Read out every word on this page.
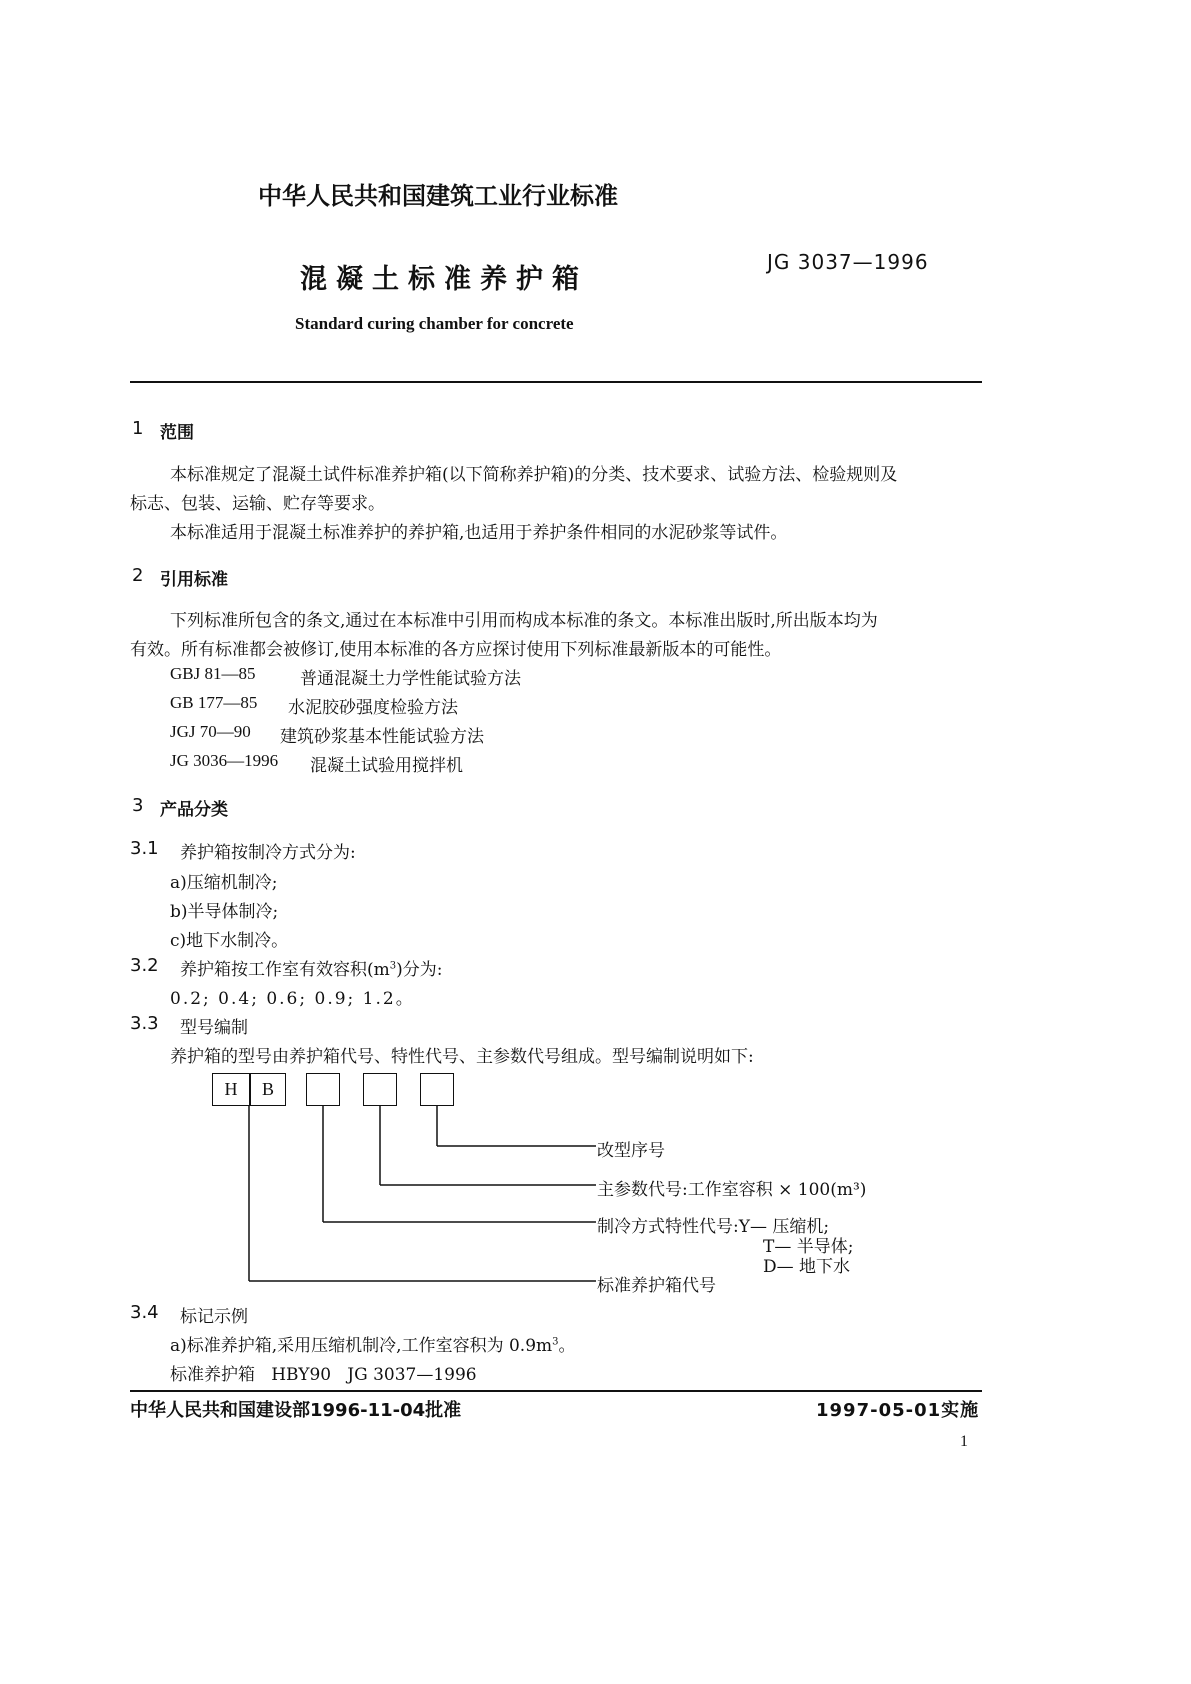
中华人民共和国建筑工业行业标准
混凝土标准养护箱
JG 3037—1996
Standard curing chamber for concrete
1 范围
本标准规定了混凝土试件标准养护箱(以下简称养护箱)的分类、技术要求、试验方法、检验规则及
标志、包装、运输、贮存等要求。
本标准适用于混凝土标准养护的养护箱,也适用于养护条件相同的水泥砂浆等试件。
2 引用标准
下列标准所包含的条文,通过在本标准中引用而构成本标准的条文。本标准出版时,所出版本均为
有效。所有标准都会被修订,使用本标准的各方应探讨使用下列标准最新版本的可能性。
GBJ 81—85	普通混凝土力学性能试验方法
GB 177—85 水泥胶砂强度检验方法
JGJ 70—90 建筑砂浆基本性能试验方法
JG 3036—1996 混凝土试验用搅拌机
3 产品分类
3.1 养护箱按制冷方式分为:
a)压缩机制冷;
b)半导体制冷;
c)地下水制冷。
3.2 养护箱按工作室有效容积$(m^3)$分为:
0.2; 0.4; 0.6; 0.9; 1.2。
3.3 型号编制
养护箱的型号由养护箱代号、特性代号、主参数代号组成。型号编制说明如下:
H	B
改型序号
主参数代号:工作室容积 × 100(m³)
制冷方式特性代号:Y— 压缩机;
T— 半导体;
D— 地下水
标准养护箱代号
3.4 标记示例
a)标准养护箱,采用压缩机制冷,工作室容积为 $0.9m^3$。
标准养护箱   HBY90   JG 3037—1996
中华人民共和国建设部1996-11-04批准	1997-05-01实施
1
